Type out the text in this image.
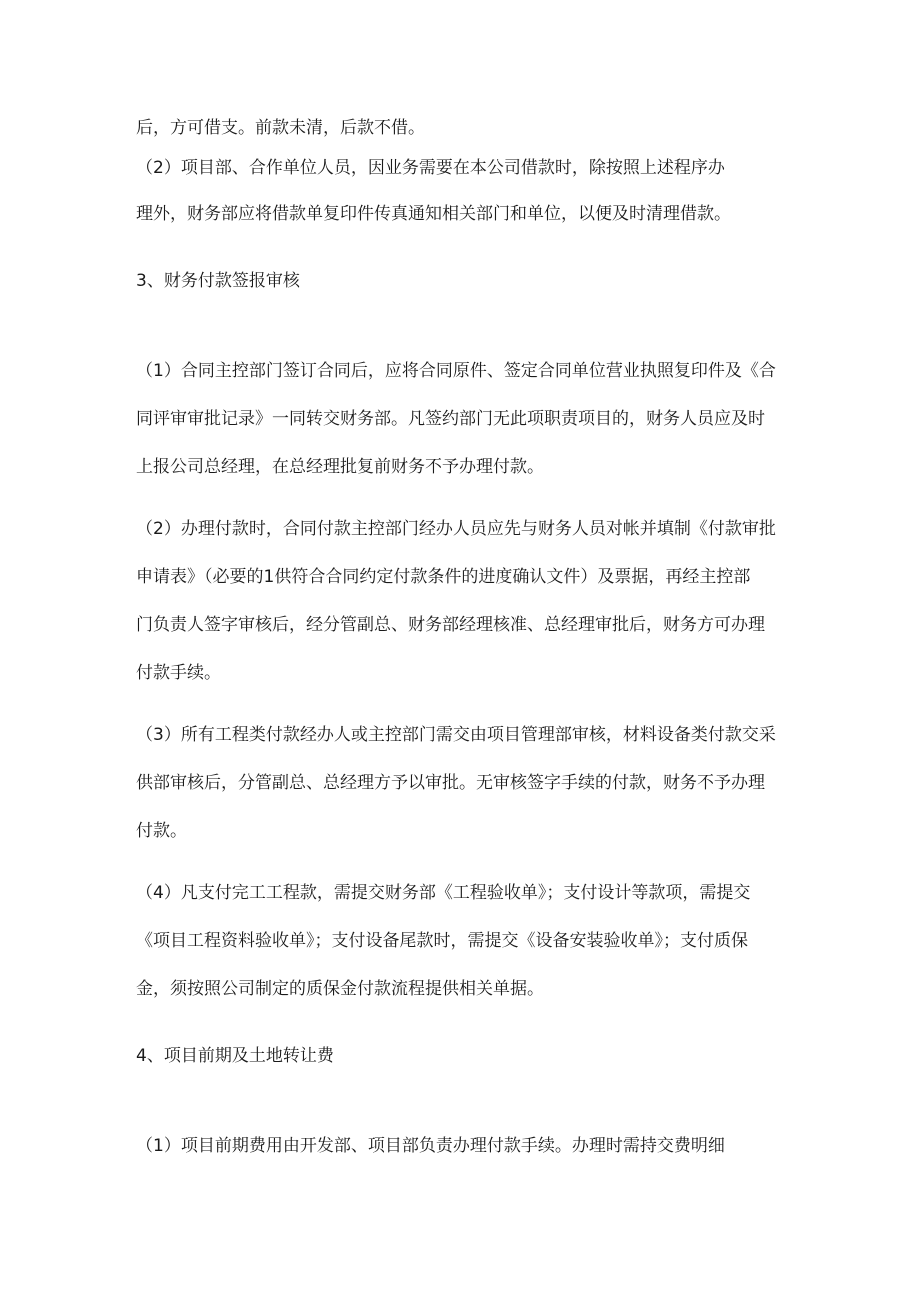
后，方可借支。前款未清，后款不借。
（2）项目部、合作单位人员，因业务需要在本公司借款时，除按照上述程序办
理外，财务部应将借款单复印件传真通知相关部门和单位，以便及时清理借款。
3、财务付款签报审核
（1）合同主控部门签订合同后，应将合同原件、签定合同单位营业执照复印件及《合
同评审审批记录》一同转交财务部。凡签约部门无此项职责项目的，财务人员应及时
上报公司总经理，在总经理批复前财务不予办理付款。
（2）办理付款时，合同付款主控部门经办人员应先与财务人员对帐并填制《付款审批
申请表》（必要的1供符合合同约定付款条件的进度确认文件）及票据，再经主控部
门负责人签字审核后，经分管副总、财务部经理核准、总经理审批后，财务方可办理
付款手续。
（3）所有工程类付款经办人或主控部门需交由项目管理部审核，材料设备类付款交采
供部审核后，分管副总、总经理方予以审批。无审核签字手续的付款，财务不予办理
付款。
（4）凡支付完工工程款，需提交财务部《工程验收单》；支付设计等款项，需提交
《项目工程资料验收单》；支付设备尾款时，需提交《设备安装验收单》；支付质保
金，须按照公司制定的质保金付款流程提供相关单据。
4、项目前期及土地转让费
（1）项目前期费用由开发部、项目部负责办理付款手续。办理时需持交费明细
